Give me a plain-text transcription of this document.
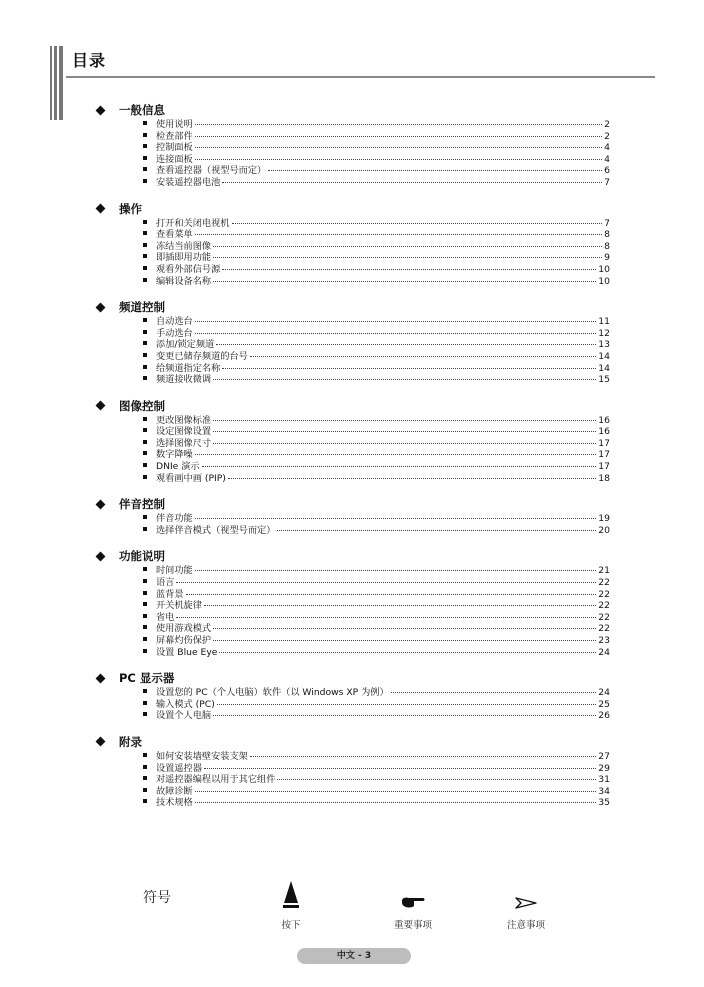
目录
一般信息
使用说明	2
检查部件	2
控制面板	4
连接面板	4
查看遥控器（视型号而定）	6
安装遥控器电池	7
操作
打开和关闭电视机	7
查看菜单	8
冻结当前图像	8
即插即用功能	9
观看外部信号源	10
编辑设备名称	10
频道控制
自动选台	11
手动选台	12
添加/锁定频道	13
变更已储存频道的台号	14
给频道指定名称	14
频道接收微调	15
图像控制
更改图像标准	16
设定图像设置	16
选择图像尺寸	17
数字降噪	17
DNIe 演示	17
观看画中画 (PIP)	18
伴音控制
伴音功能	19
选择伴音模式（视型号而定）	20
功能说明
时间功能	21
语言	22
蓝背景	22
开关机旋律	22
省电	22
使用游戏模式	22
屏幕灼伤保护	23
设置 Blue Eye	24
PC 显示器
设置您的 PC（个人电脑）软件（以 Windows XP 为例）	24
输入模式 (PC)	25
设置个人电脑	26
附录
如何安装墙壁安装支架	27
设置遥控器	29
对遥控器编程以用于其它组件	31
故障诊断	34
技术规格	35
符号
按下	重要事项	注意事项
中文 - 3
